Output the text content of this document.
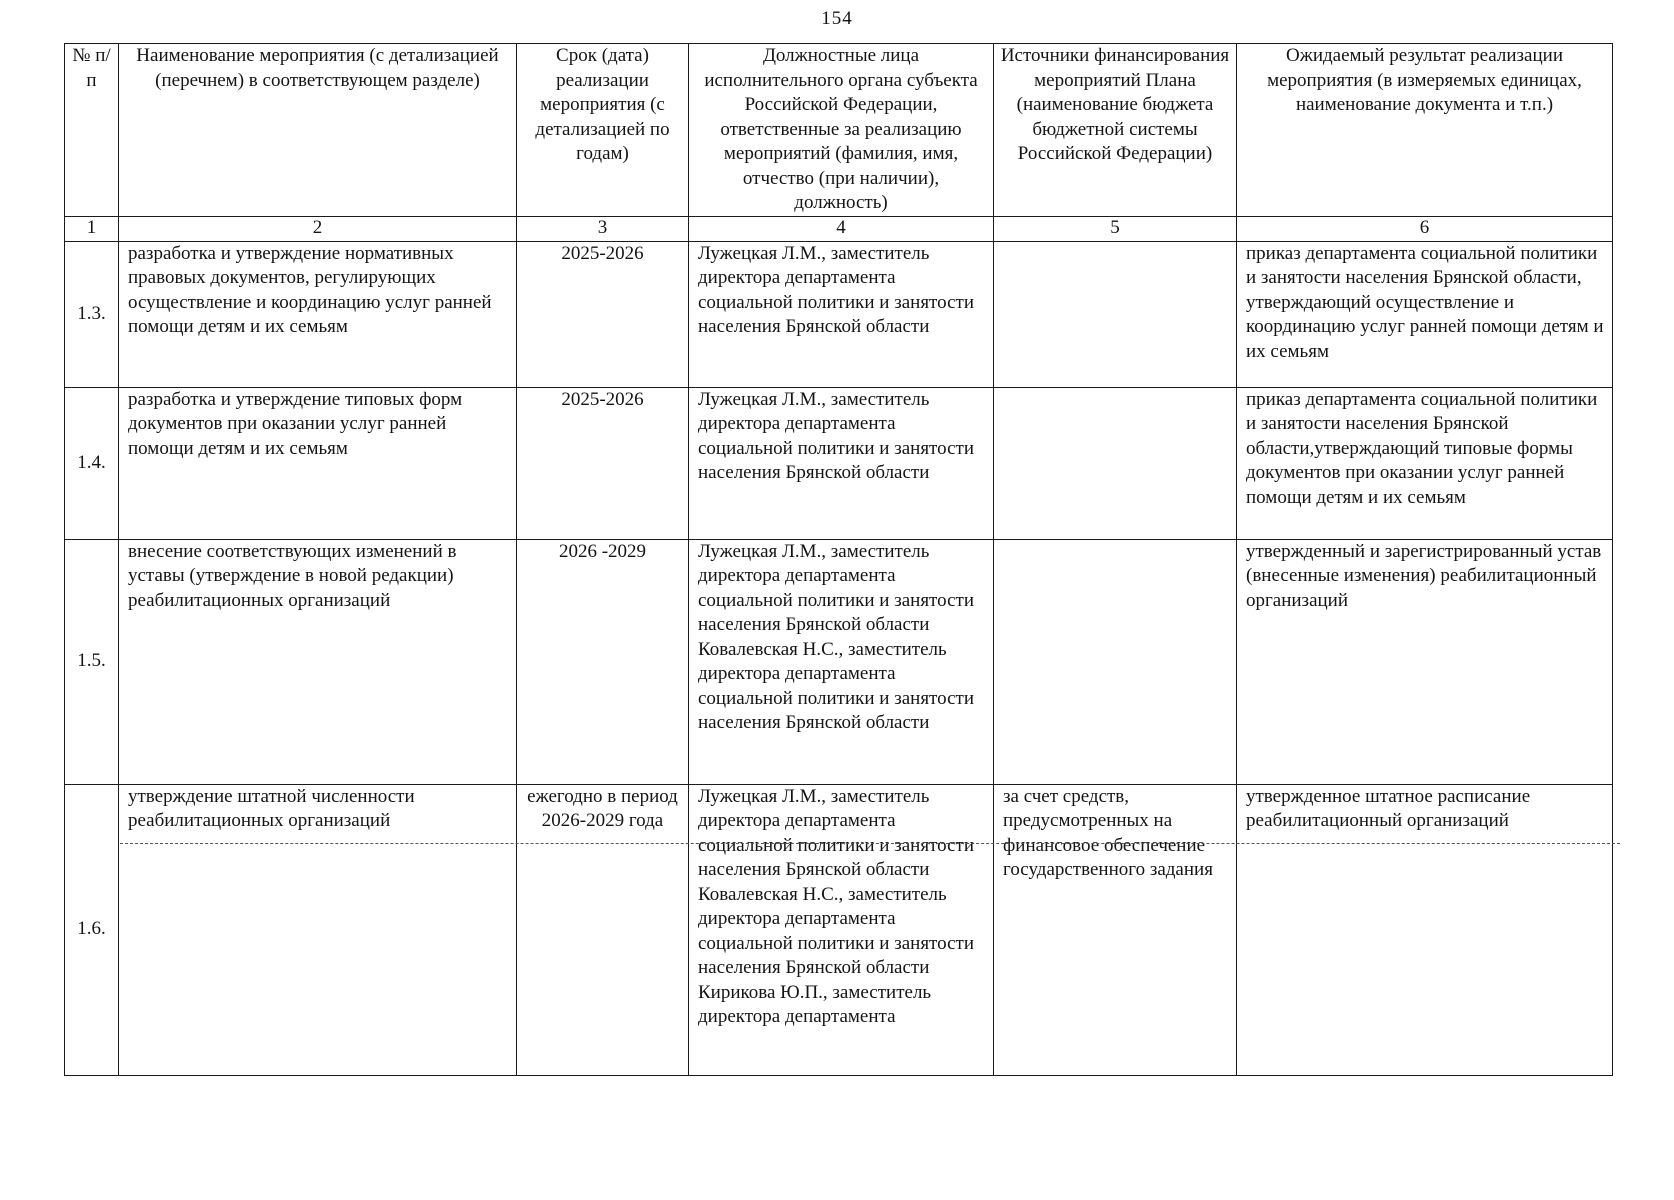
154
№ п/п	Наименование мероприятия (с детализацией (перечнем) в соответствующем разделе)	Срок (дата) реализации мероприятия (с детализацией по годам)	Должностные лица исполнительного органа субъекта Российской Федерации, ответственные за реализацию мероприятий (фамилия, имя, отчество (при наличии), должность)	Источники финансирования мероприятий Плана (наименование бюджета бюджетной системы Российской Федерации)	Ожидаемый результат реализации мероприятия (в измеряемых единицах, наименование документа и т.п.)
1	2	3	4	5	6
1.3.	разработка и утверждение нормативных правовых документов, регулирующих осуществление и координацию услуг ранней помощи детям и их семьям	2025-2026	Лужецкая Л.М., заместитель директора департамента социальной политики и занятости населения Брянской области		приказ департамента социальной политики и занятости населения Брянской области, утверждающий осуществление и координацию услуг ранней помощи детям и их семьям
1.4.	разработка и утверждение типовых форм документов при оказании услуг ранней помощи детям и их семьям	2025-2026	Лужецкая Л.М., заместитель директора департамента социальной политики и занятости населения Брянской области		приказ департамента социальной политики и занятости населения Брянской области,утверждающий типовые формы документов при оказании услуг ранней помощи детям и их семьям
1.5.	внесение соответствующих изменений в уставы (утверждение в новой редакции) реабилитационных организаций	2026 -2029	Лужецкая Л.М., заместитель директора департамента социальной политики и занятости населения Брянской области Ковалевская Н.С., заместитель директора департамента социальной политики и занятости населения Брянской области		утвержденный и зарегистрированный устав (внесенные изменения) реабилитационный организаций
1.6.	утверждение штатной численности реабилитационных организаций	ежегодно в период 2026-2029 года	Лужецкая Л.М., заместитель директора департамента социальной политики и занятости населения Брянской области Ковалевская Н.С., заместитель директора департамента социальной политики и занятости населения Брянской области Кирикова Ю.П., заместитель директора департамента	за счет средств, предусмотренных на финансовое обеспечение государственного задания	утвержденное штатное расписание реабилитационный организаций
